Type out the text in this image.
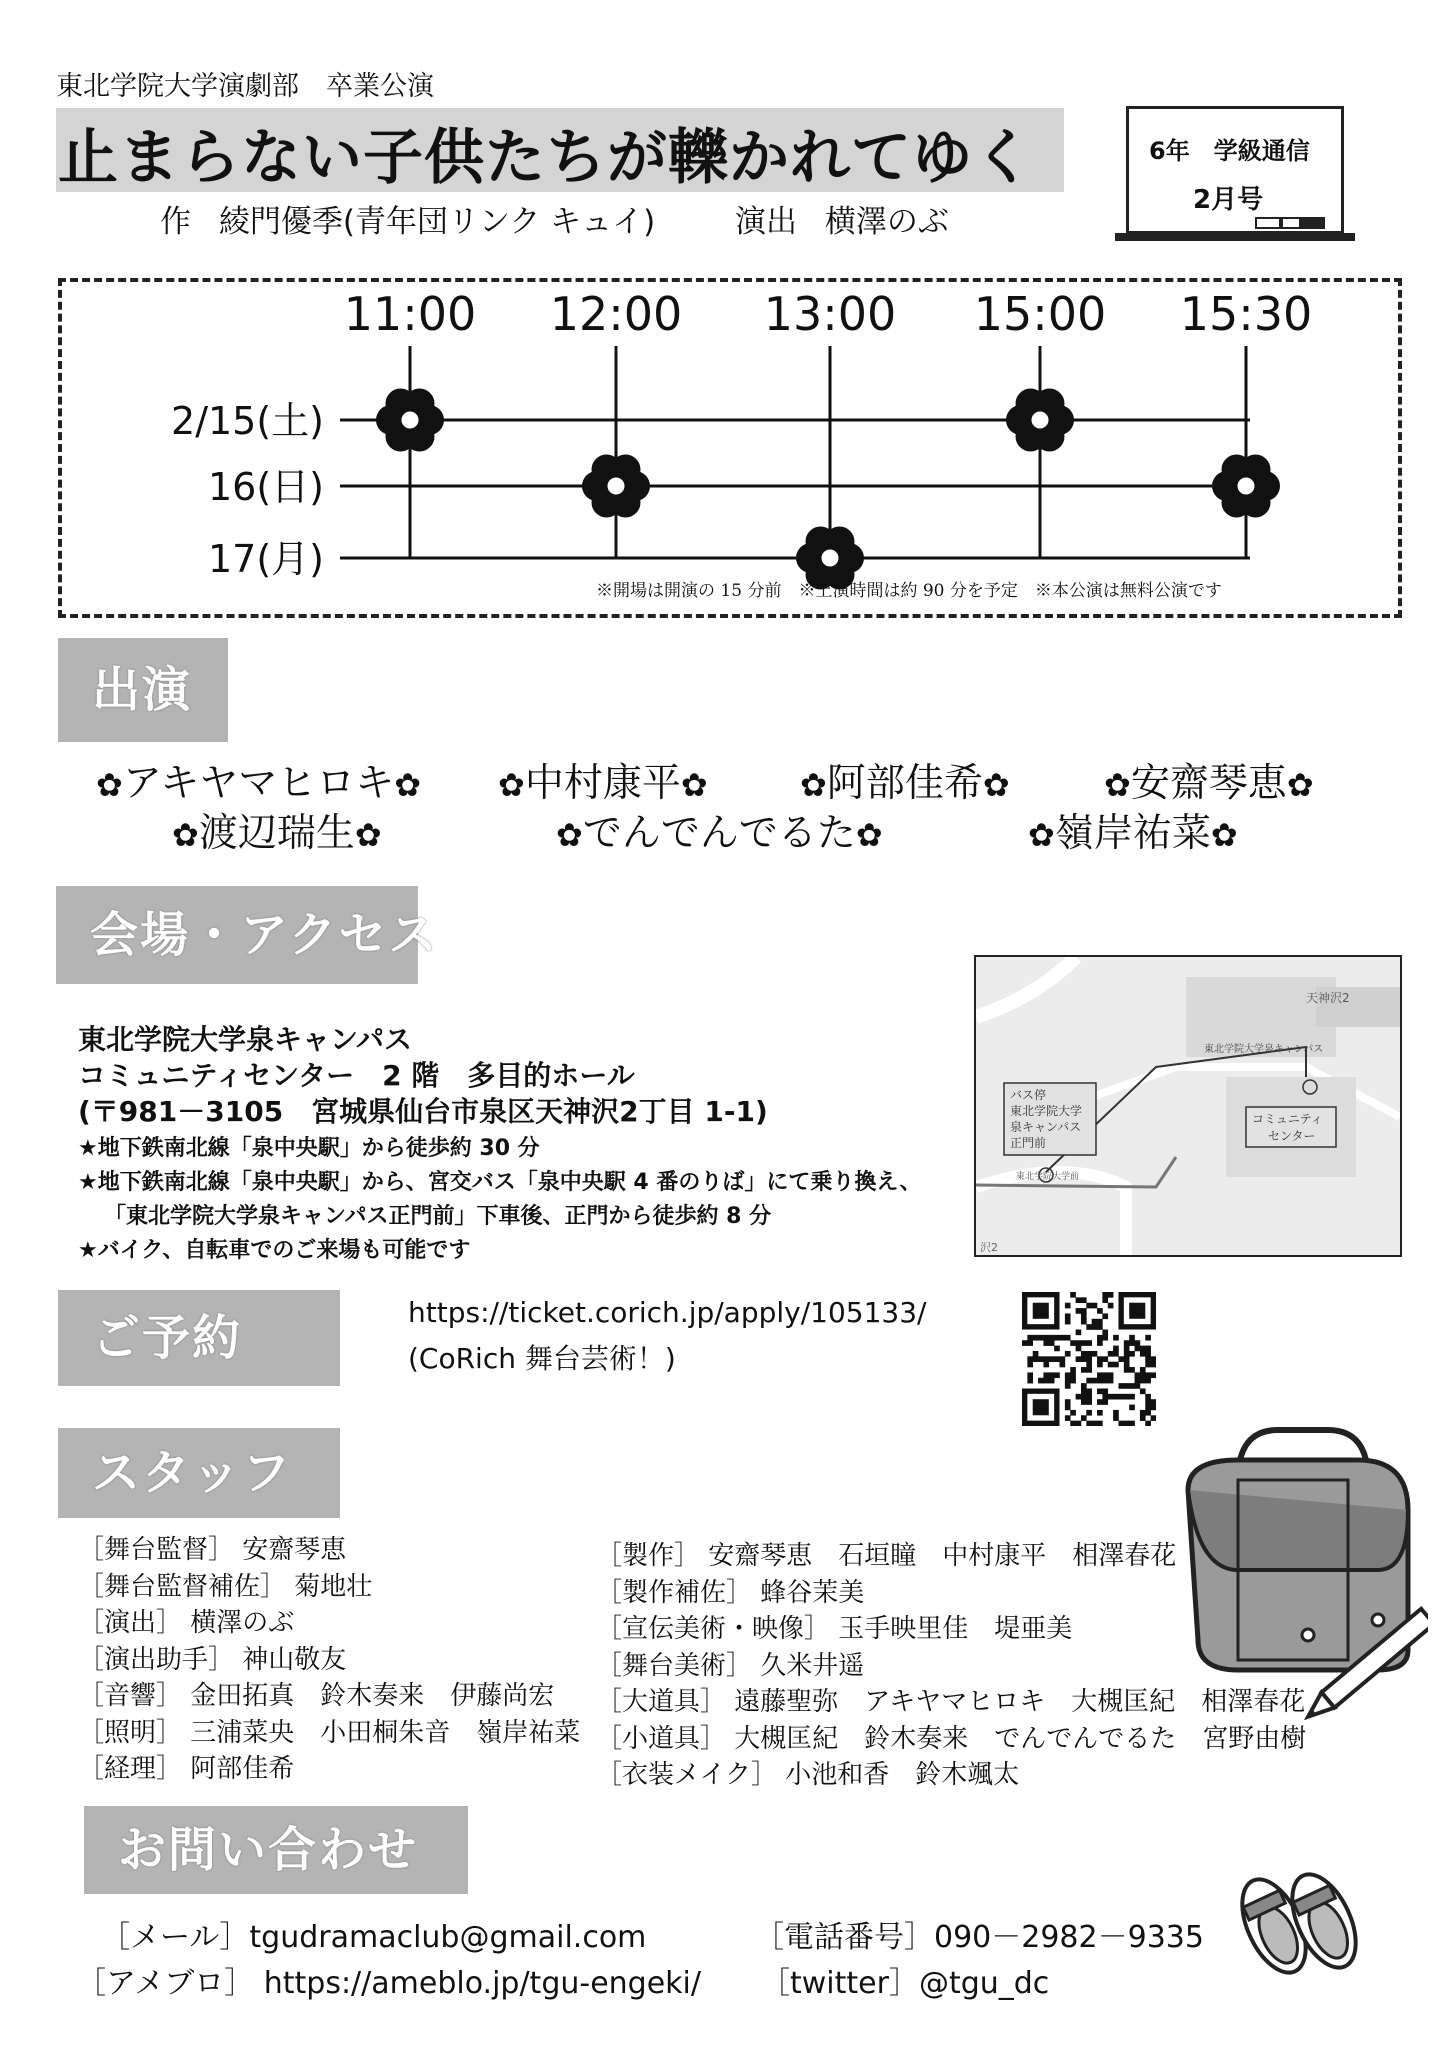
東北学院大学演劇部　卒業公演
止まらない子供たちが轢かれてゆく
作 綾門優季(青年団リンク キュイ)	演出 横澤のぶ
6年　学級通信
2月号
11:00 12:00 13:00 15:00 15:30
2/15(土)
16(日)
17(月)
※開場は開演の 15 分前　※上演時間は約 90 分を予定　※本公演は無料公演です
出演
✿アキヤマヒロキ✿ ✿中村康平✿	✿阿部佳希✿	✿安齋琴恵✿
✿渡辺瑞生✿	✿でんでんでるた✿	✿嶺岸祐菜✿
会場・アクセス
東北学院大学泉キャンパス
コミュニティセンター　2 階　多目的ホール
(〒981－3105　宮城県仙台市泉区天神沢2丁目 1-1)
★地下鉄南北線「泉中央駅」から徒歩約 30 分
★地下鉄南北線「泉中央駅」から、宮交バス「泉中央駅 4 番のりば」にて乗り換え、
「東北学院大学泉キャンパス正門前」下車後、正門から徒歩約 8 分
★バイク、自転車でのご来場も可能です
天神沢2
東北学院大学泉キャンパス
バス停
東北学院大学
泉キャンパス
正門前
コミュニティ
センター
東北学院大学前
沢2
ご予約	https://ticket.corich.jp/apply/105133/
(CoRich 舞台芸術！)
スタッフ
［舞台監督］ 安齋琴恵
［舞台監督補佐］ 菊地壮
［演出］ 横澤のぶ
［演出助手］ 神山敬友
［音響］ 金田拓真　鈴木奏来　伊藤尚宏
［照明］ 三浦菜央　小田桐朱音　嶺岸祐菜
［経理］ 阿部佳希
［製作］ 安齋琴恵　石垣瞳　中村康平　相澤春花
［製作補佐］ 蜂谷茉美
［宣伝美術・映像］ 玉手映里佳　堤亜美
［舞台美術］ 久米井遥
［大道具］ 遠藤聖弥　アキヤマヒロキ　大槻匡紀　相澤春花
［小道具］ 大槻匡紀　鈴木奏来　でんでんでるた　宮野由樹
［衣装メイク］ 小池和香　鈴木颯太
お問い合わせ
［メール］tgudramaclub@gmail.com	［電話番号］090－2982－9335
［アメブロ］ https://ameblo.jp/tgu-engeki/ ［twitter］@tgu_dc
